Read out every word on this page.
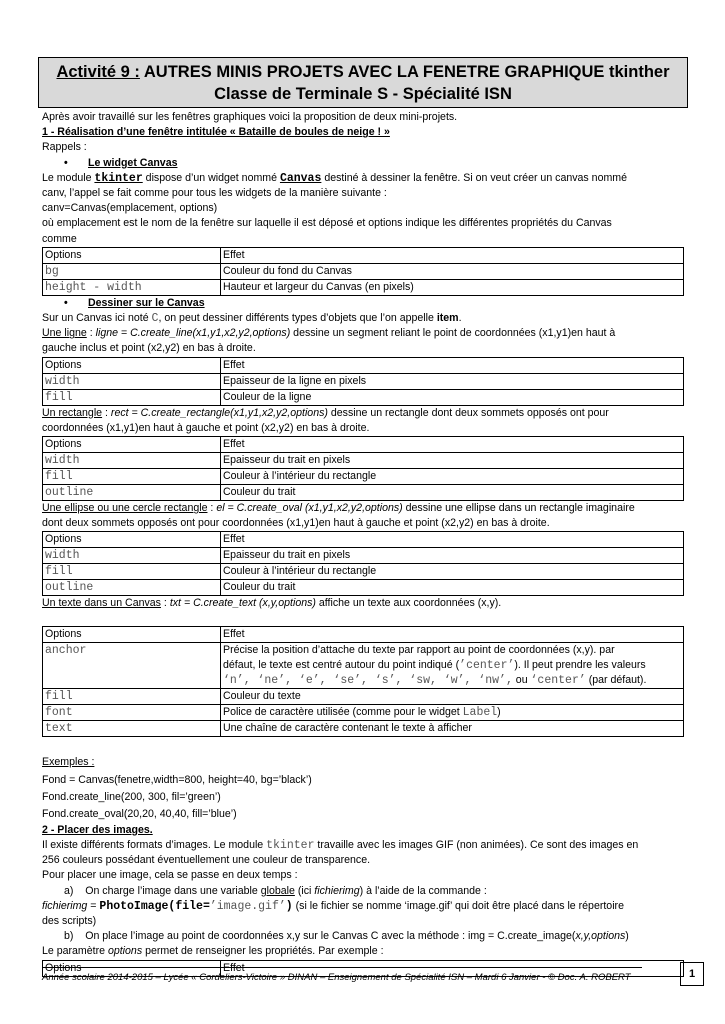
Activité 9 : AUTRES MINIS PROJETS AVEC LA FENETRE GRAPHIQUE tkinther
Classe de Terminale S - Spécialité ISN
Après avoir travaillé sur les fenêtres graphiques voici la proposition de deux mini-projets.
1 - Réalisation d’une fenêtre intitulée « Bataille de boules de neige ! »
Rappels :
• Le widget Canvas
Le module tkinter dispose d’un widget nommé Canvas destiné à dessiner la fenêtre. Si on veut créer un canvas nommé
canv, l’appel se fait comme pour tous les widgets de la manière suivante :
canv=Canvas(emplacement, options)
où emplacement est le nom de la fenêtre sur laquelle il est déposé et options indique les différentes propriétés du Canvas
comme
Options	Effet
bg	Couleur du fond du Canvas
height - width	Hauteur et largeur du Canvas (en pixels)
• Dessiner sur le Canvas
Sur un Canvas ici noté C, on peut dessiner différents types d’objets que l’on appelle item.
Une ligne : ligne = C.create_line(x1,y1,x2,y2,options) dessine un segment reliant le point de coordonnées (x1,y1)en haut à
gauche inclus et point (x2,y2) en bas à droite.
Options	Effet
width	Epaisseur de la ligne en pixels
fill	Couleur de la ligne
Un rectangle : rect = C.create_rectangle(x1,y1,x2,y2,options) dessine un rectangle dont deux sommets opposés ont pour
coordonnées (x1,y1)en haut à gauche et point (x2,y2) en bas à droite.
Options	Effet
width	Epaisseur du trait en pixels
fill	Couleur à l’intérieur du rectangle
outline	Couleur du trait
Une ellipse ou une cercle rectangle : el = C.create_oval (x1,y1,x2,y2,options) dessine une ellipse dans un rectangle imaginaire
dont deux sommets opposés ont pour coordonnées (x1,y1)en haut à gauche et point (x2,y2) en bas à droite.
Options	Effet
width	Epaisseur du trait en pixels
fill	Couleur à l’intérieur du rectangle
outline	Couleur du trait
Un texte dans un Canvas : txt = C.create_text (x,y,options) affiche un texte aux coordonnées (x,y).
Options	Effet
anchor	Précise la position d’attache du texte par rapport au point de coordonnées (x,y). par
défaut, le texte est centré autour du point indiqué (’center’). Il peut prendre les valeurs
‘n’, ‘ne’, ‘e’, ‘se’, ‘s’, ‘sw, ‘w’, ‘nw’, ou ‘center’ (par défaut).

fill	Couleur du texte
font	Police de caractère utilisée (comme pour le widget Label)
text	Une chaîne de caractère contenant le texte à afficher
Exemples :
Fond = Canvas(fenetre,width=800, height=40, bg=’black’)
Fond.create_line(200, 300, fil=’green’)
Fond.create_oval(20,20, 40,40, fill=’blue’)
2 - Placer des images.
Il existe différents formats d’images. Le module tkinter travaille avec les images GIF (non animées). Ce sont des images en
256 couleurs possédant éventuellement une couleur de transparence.
Pour placer une image, cela se passe en deux temps :
a) On charge l’image dans une variable globale (ici fichierimg) à l’aide de la commande :
fichierimg = PhotoImage(file=’image.gif’) (si le fichier se nomme ‘image.gif’ qui doit être placé dans le répertoire
des scripts)
b) On place l’image au point de coordonnées x,y sur le Canvas C avec la méthode : img = C.create_image(x,y,options)
Le paramètre options permet de renseigner les propriétés. Par exemple :
Options	Effet
Année scolaire 2014-2015 – Lycée « Cordeliers-Victoire » DINAN – Enseignement de Spécialité ISN – Mardi 6 Janvier - © Doc. A. ROBERT	1
